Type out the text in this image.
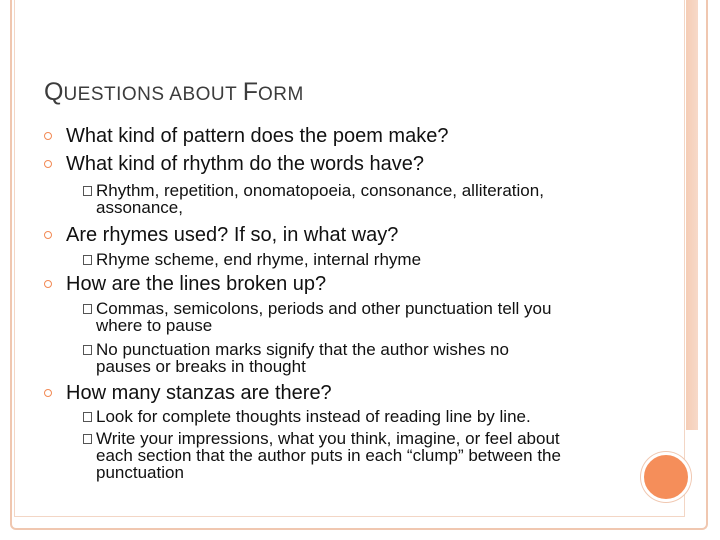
QUESTIONS ABOUT FORM
What kind of pattern does the poem make?
What kind of rhythm do the words have?
Rhythm, repetition, onomatopoeia, consonance, alliteration,
assonance,
Are rhymes used? If so, in what way?
Rhyme scheme, end rhyme, internal rhyme
How are the lines broken up?
Commas, semicolons, periods and other punctuation tell you
where to pause
No punctuation marks signify that the author wishes no
pauses or breaks in thought
How many stanzas are there?
Look for complete thoughts instead of reading line by line.
Write your impressions, what you think, imagine, or feel about
each section that the author puts in each “clump” between the
punctuation
